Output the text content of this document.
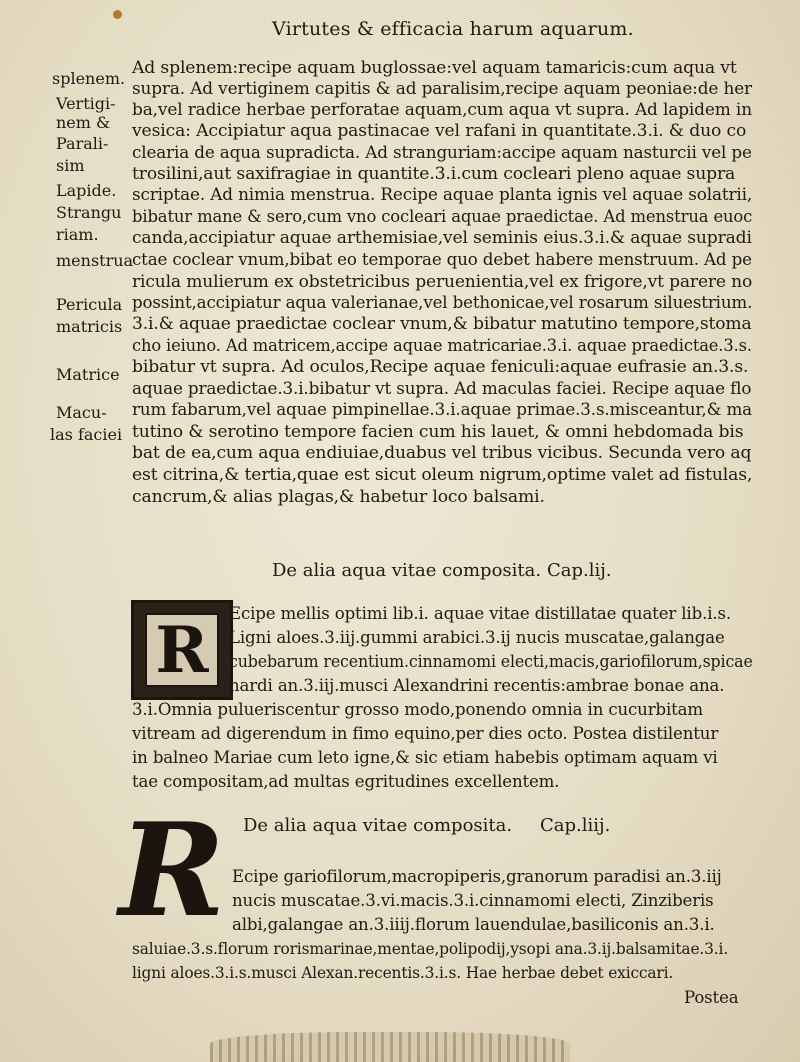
Virtutes & efficacia harum aquarum.
Ad splenem:recipe aquam buglossae:vel aquam tamaricis:cum aqua vt
supra. Ad vertiginem capitis & ad paralisim,recipe aquam peoniae:de her
ba,vel radice herbae perforatae aquam,cum aqua vt supra. Ad lapidem in
vesica: Accipiatur aqua pastinacae vel rafani in quantitate.3.i. & duo co
clearia de aqua supradicta. Ad stranguriam:accipe aquam nasturcii vel pe
trosilini,aut saxifragiae in quantite.3.i.cum cocleari pleno aquae supra
scriptae. Ad nimia menstrua. Recipe aquae planta ignis vel aquae solatrii,
bibatur mane & sero,cum vno cocleari aquae praedictae. Ad menstrua euoc
canda,accipiatur aquae arthemisiae,vel seminis eius.3.i.& aquae supradi
ctae coclear vnum,bibat eo temporae quo debet habere menstruum. Ad pe
ricula mulierum ex obstetricibus peruenientia,vel ex frigore,vt parere no
possint,accipiatur aqua valerianae,vel bethonicae,vel rosarum siluestrium.
3.i.& aquae praedictae coclear vnum,& bibatur matutino tempore,stoma
cho ieiuno. Ad matricem,accipe aquae matricariae.3.i. aquae praedictae.3.s.
bibatur vt supra. Ad oculos,Recipe aquae feniculi:aquae eufrasie an.3.s.
aquae praedictae.3.i.bibatur vt supra. Ad maculas faciei. Recipe aquae flo
rum fabarum,vel aquae pimpinellae.3.i.aquae primae.3.s.misceantur,& ma
tutino & serotino tempore facien cum his lauet, & omni hebdomada bis
bat de ea,cum aqua endiuiae,duabus vel tribus vicibus. Secunda vero aq
est citrina,& tertia,quae est sicut oleum nigrum,optime valet ad fistulas,
cancrum,& alias plagas,& habetur loco balsami.
splenem.
Vertigi-
nem &
Parali-
sim
Lapide.
Strangu
riam.
menstrua
Pericula
matricis
Matrice
Macu-
las faciei
De alia aqua vitae composita. Cap.lij.
R	Ecipe mellis optimi lib.i. aquae vitae distillatae quater lib.i.s.
Ligni aloes.3.iij.gummi arabici.3.ij nucis muscatae,galangae
cubebarum recentium.cinnamomi electi,macis,gariofilorum,spicae
nardi an.3.iij.musci Alexandrini recentis:ambrae bonae ana.
3.i.Omnia pulueriscentur grosso modo,ponendo omnia in cucurbitam
vitream ad digerendum in fimo equino,per dies octo. Postea distilentur
in balneo Mariae cum leto igne,& sic etiam habebis optimam aquam vi
tae compositam,ad multas egritudines excellentem.
De alia aqua vitae composita. Cap.liij.
R Ecipe gariofilorum,macropiperis,granorum paradisi an.3.iij
nucis muscatae.3.vi.macis.3.i.cinnamomi electi, Zinziberis
albi,galangae an.3.iiij.florum lauendulae,basiliconis an.3.i.
saluiae.3.s.florum rorismarinae,mentae,polipodij,ysopi ana.3.ij.balsamitae.3.i.
ligni aloes.3.i.s.musci Alexan.recentis.3.i.s. Hae herbae debet exiccari.
Postea
